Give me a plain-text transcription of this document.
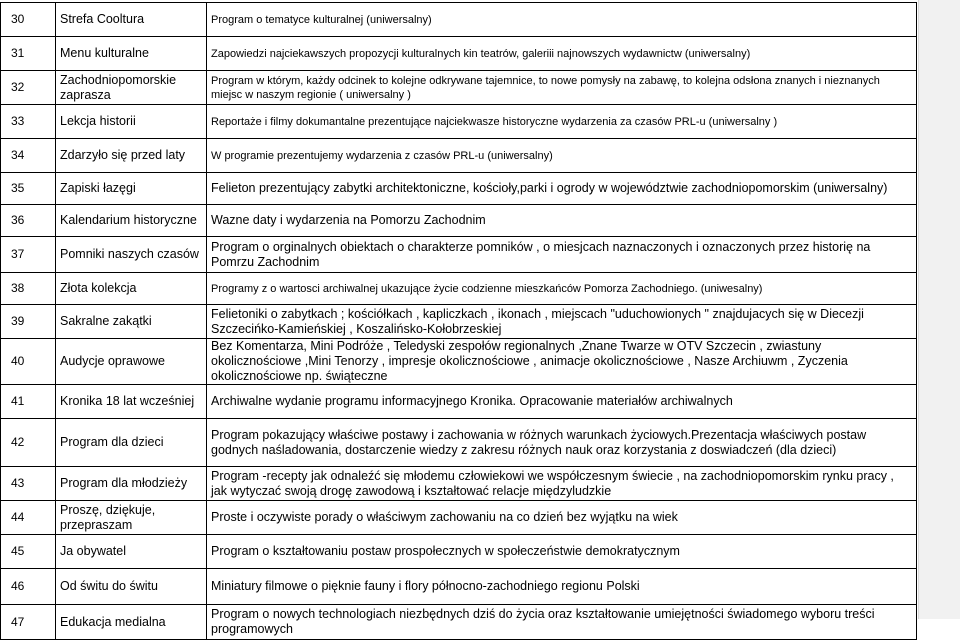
30	Strefa Cooltura	Program o tematyce kulturalnej (uniwersalny)
31	Menu kulturalne	Zapowiedzi najciekawszych propozycji kulturalnych kin teatrów, galeriii najnowszych wydawnictw (uniwersalny)
32	Zachodniopomorskie zaprasza	Program w którym, każdy odcinek to kolejne odkrywane tajemnice, to nowe pomysły na zabawę, to kolejna odsłona znanych i nieznanych miejsc w naszym regionie ( uniwersalny )
33	Lekcja historii	Reportaże i filmy dokumantalne prezentujące najciekwasze historyczne wydarzenia za czasów PRL-u (uniwersalny )
34	Zdarzyło się przed laty	W programie prezentujemy wydarzenia z czasów PRL-u (uniwersalny)
35	Zapiski łazęgi	Felieton prezentujący zabytki architektoniczne, kościoły,parki i ogrody w województwie zachodniopomorskim (uniwersalny)
36	Kalendarium historyczne	Wazne daty i wydarzenia na Pomorzu Zachodnim
37	Pomniki naszych czasów	Program o orginalnych obiektach o charakterze pomników , o miesjcach naznaczonych i oznaczonych przez historię na Pomrzu Zachodnim
38	Złota kolekcja	Programy z o wartosci archiwalnej ukazujące życie codzienne mieszkańców Pomorza Zachodniego. (uniwesalny)
39	Sakralne zakątki	Felietoniki o zabytkach ; kościółkach , kapliczkach , ikonach , miejscach "uduchowionych " znajdujacych się w Diecezji Szczecińko-Kamieńskiej , Koszalińsko-Kołobrzeskiej
40	Audycje oprawowe	Bez Komentarza, Mini Podróże , Teledyski zespołów regionalnych ,Znane Twarze w OTV Szczecin , zwiastuny okolicznościowe ,Mini Tenorzy , impresje okolicznościowe , animacje okolicznościowe , Nasze Archiuwm , Zyczenia okolicznościowe np. świąteczne
41	Kronika 18 lat wcześniej	Archiwalne wydanie programu informacyjnego Kronika. Opracowanie materiałów archiwalnych
42	Program dla dzieci	Program pokazujący właściwe postawy i zachowania w różnych warunkach życiowych.Prezentacja właściwych postaw godnych naśladowania, dostarczenie wiedzy z zakresu różnych nauk oraz korzystania z doswiadczeń (dla dzieci)
43	Program dla młodzieży	Program -recepty jak odnaleźć się młodemu człowiekowi we współczesnym świecie , na zachodniopomorskim rynku pracy , jak wytyczać swoją drogę zawodową i kształtować relacje międzyludzkie
44	Proszę, dziękuje, przepraszam	Proste i oczywiste porady o właściwym zachowaniu na co dzień bez wyjątku na wiek
45	Ja obywatel	Program o kształtowaniu postaw prospołecznych w społeczeństwie demokratycznym
46	Od świtu do świtu	Miniatury filmowe o pięknie fauny i flory północno-zachodniego regionu Polski
47	Edukacja medialna	Program o nowych technologiach niezbędnych dziś do życia oraz kształtowanie umiejętności świadomego wyboru treści programowych
